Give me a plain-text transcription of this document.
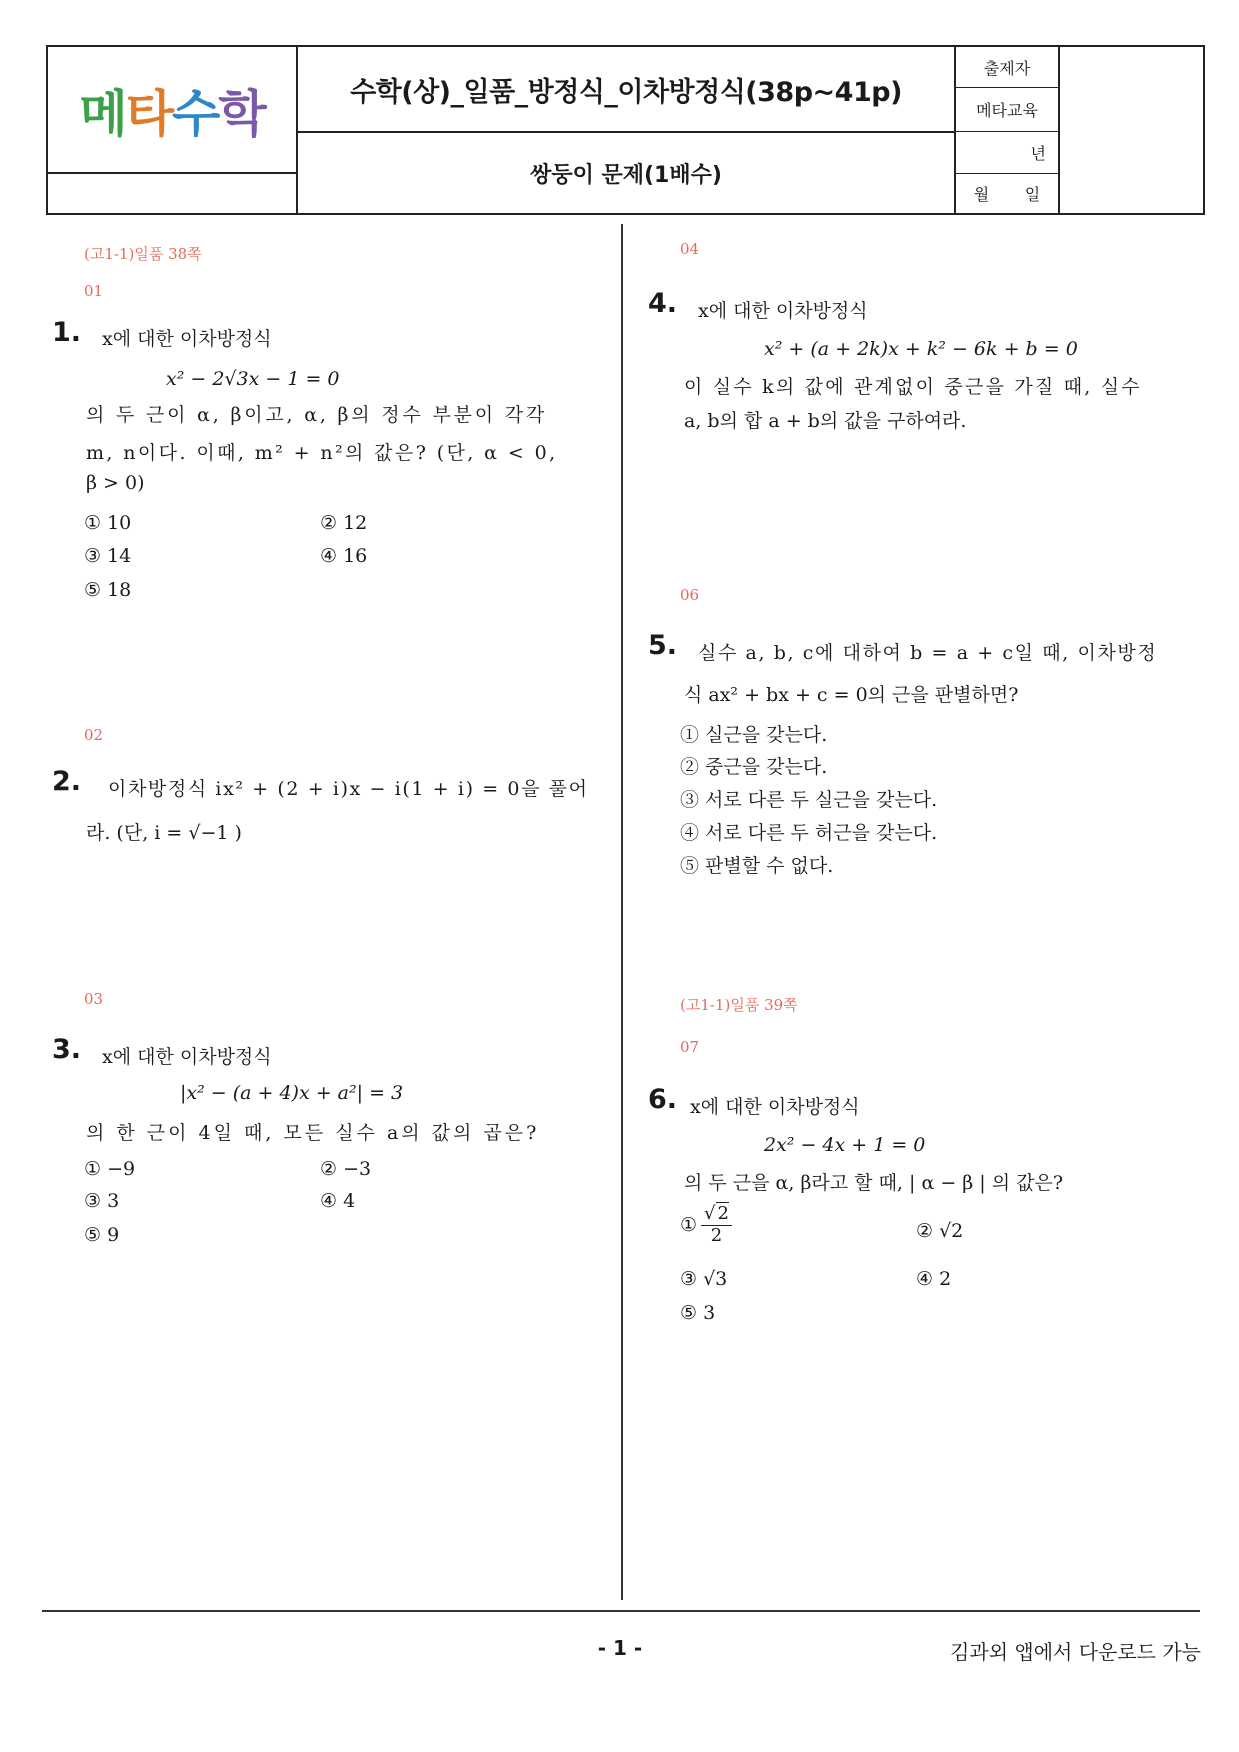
메타수학	수학(상)_일품_방정식_이차방정식(38p~41p)
쌍둥이 문제(1배수)
출제자
메타교육
년
월 일
(고1-1)일품 38쪽
01
1. x에 대한 이차방정식
x² − 2√3x − 1 = 0
의 두 근이 α, β이고, α, β의 정수 부분이 각각
m, n이다. 이때, m² + n²의 값은? (단, α < 0,
β > 0)
① 10	② 12
③ 14	④ 16
⑤ 18
02
2. 이차방정식 ix² + (2 + i)x − i(1 + i) = 0을 풀어
라. (단, i = √−1 )
03
3. x에 대한 이차방정식
|x² − (a + 4)x + a²| = 3
의 한 근이 4일 때, 모든 실수 a의 값의 곱은?
① −9	② −3
③ 3	④ 4
⑤ 9
04
4. x에 대한 이차방정식
x² + (a + 2k)x + k² − 6k + b = 0
이 실수 k의 값에 관계없이 중근을 가질 때, 실수
a, b의 합 a + b의 값을 구하여라.
06
5. 실수 a, b, c에 대하여 b = a + c일 때, 이차방정
식 ax² + bx + c = 0의 근을 판별하면?
① 실근을 갖는다.
② 중근을 갖는다.
③ 서로 다른 두 실근을 갖는다.
④ 서로 다른 두 허근을 갖는다.
⑤ 판별할 수 없다.
(고1-1)일품 39쪽
07
6. x에 대한 이차방정식
2x² − 4x + 1 = 0
의 두 근을 α, β라고 할 때, | α − β | 의 값은?
① $\frac{√ 2}{2}$	② √2
③ √3	④ 2
⑤ 3
- 1 -	김과외 앱에서 다운로드 가능
